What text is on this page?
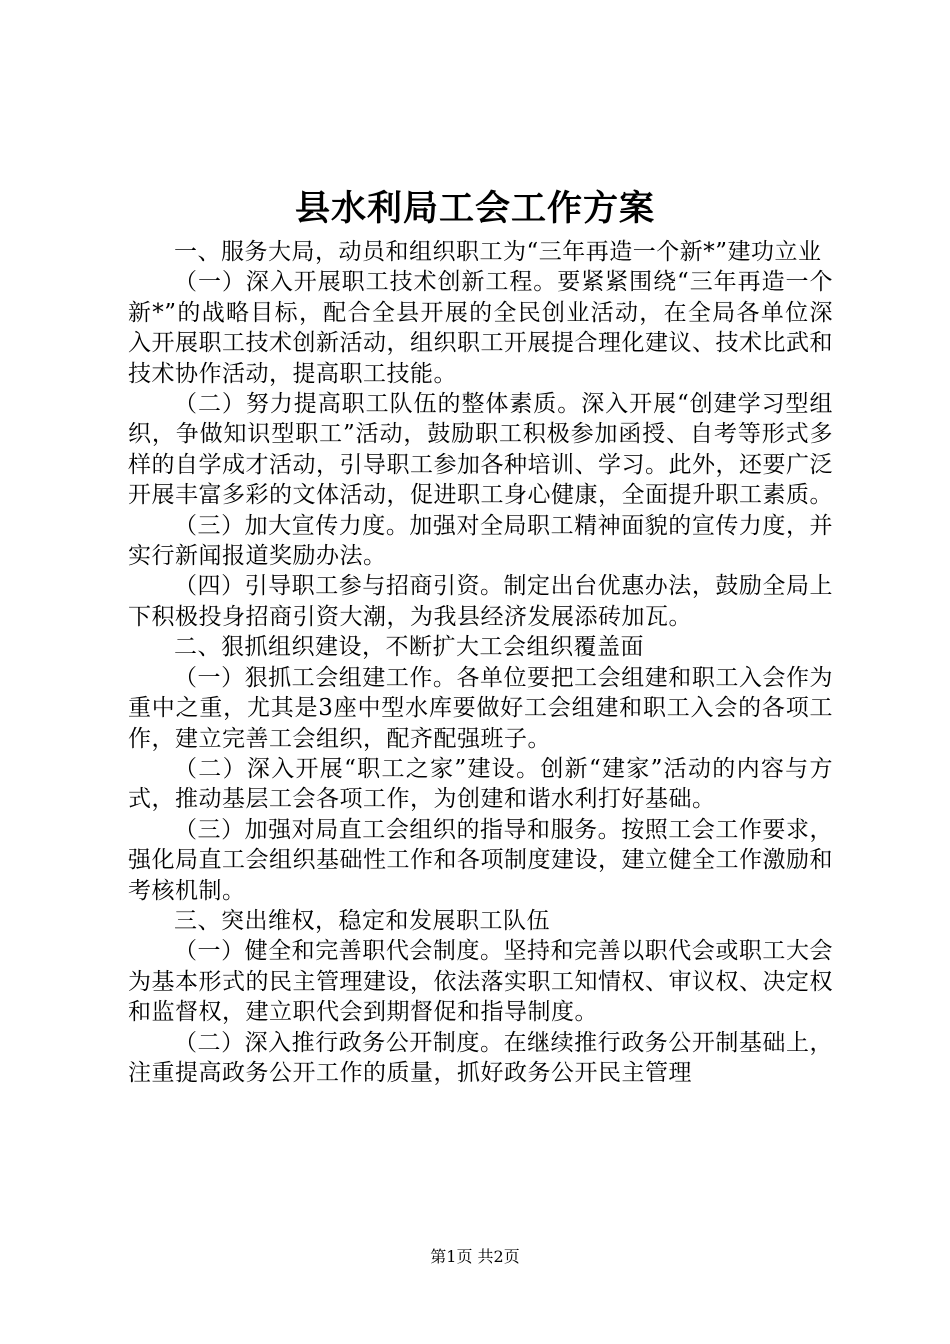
县水利局工会工作方案

一、服务大局，动员和组织职工为“三年再造一个新*”建功立业

（一）深入开展职工技术创新工程。要紧紧围绕“三年再造一个新*”的战略目标，配合全县开展的全民创业活动，在全局各单位深入开展职工技术创新活动，组织职工开展提合理化建议、技术比武和技术协作活动，提高职工技能。

（二）努力提高职工队伍的整体素质。深入开展“创建学习型组织，争做知识型职工”活动，鼓励职工积极参加函授、自考等形式多样的自学成才活动，引导职工参加各种培训、学习。此外，还要广泛开展丰富多彩的文体活动，促进职工身心健康，全面提升职工素质。

（三）加大宣传力度。加强对全局职工精神面貌的宣传力度，并实行新闻报道奖励办法。

（四）引导职工参与招商引资。制定出台优惠办法，鼓励全局上下积极投身招商引资大潮，为我县经济发展添砖加瓦。

二、狠抓组织建设，不断扩大工会组织覆盖面

（一）狠抓工会组建工作。各单位要把工会组建和职工入会作为重中之重，尤其是3座中型水库要做好工会组建和职工入会的各项工作，建立完善工会组织，配齐配强班子。

（二）深入开展“职工之家”建设。创新“建家”活动的内容与方式，推动基层工会各项工作，为创建和谐水利打好基础。

（三）加强对局直工会组织的指导和服务。按照工会工作要求，强化局直工会组织基础性工作和各项制度建设，建立健全工作激励和考核机制。

三、突出维权，稳定和发展职工队伍

（一）健全和完善职代会制度。坚持和完善以职代会或职工大会为基本形式的民主管理建设，依法落实职工知情权、审议权、决定权和监督权，建立职代会到期督促和指导制度。

（二）深入推行政务公开制度。在继续推行政务公开制基础上，注重提高政务公开工作的质量，抓好政务公开民主管理

第1页 共2页
